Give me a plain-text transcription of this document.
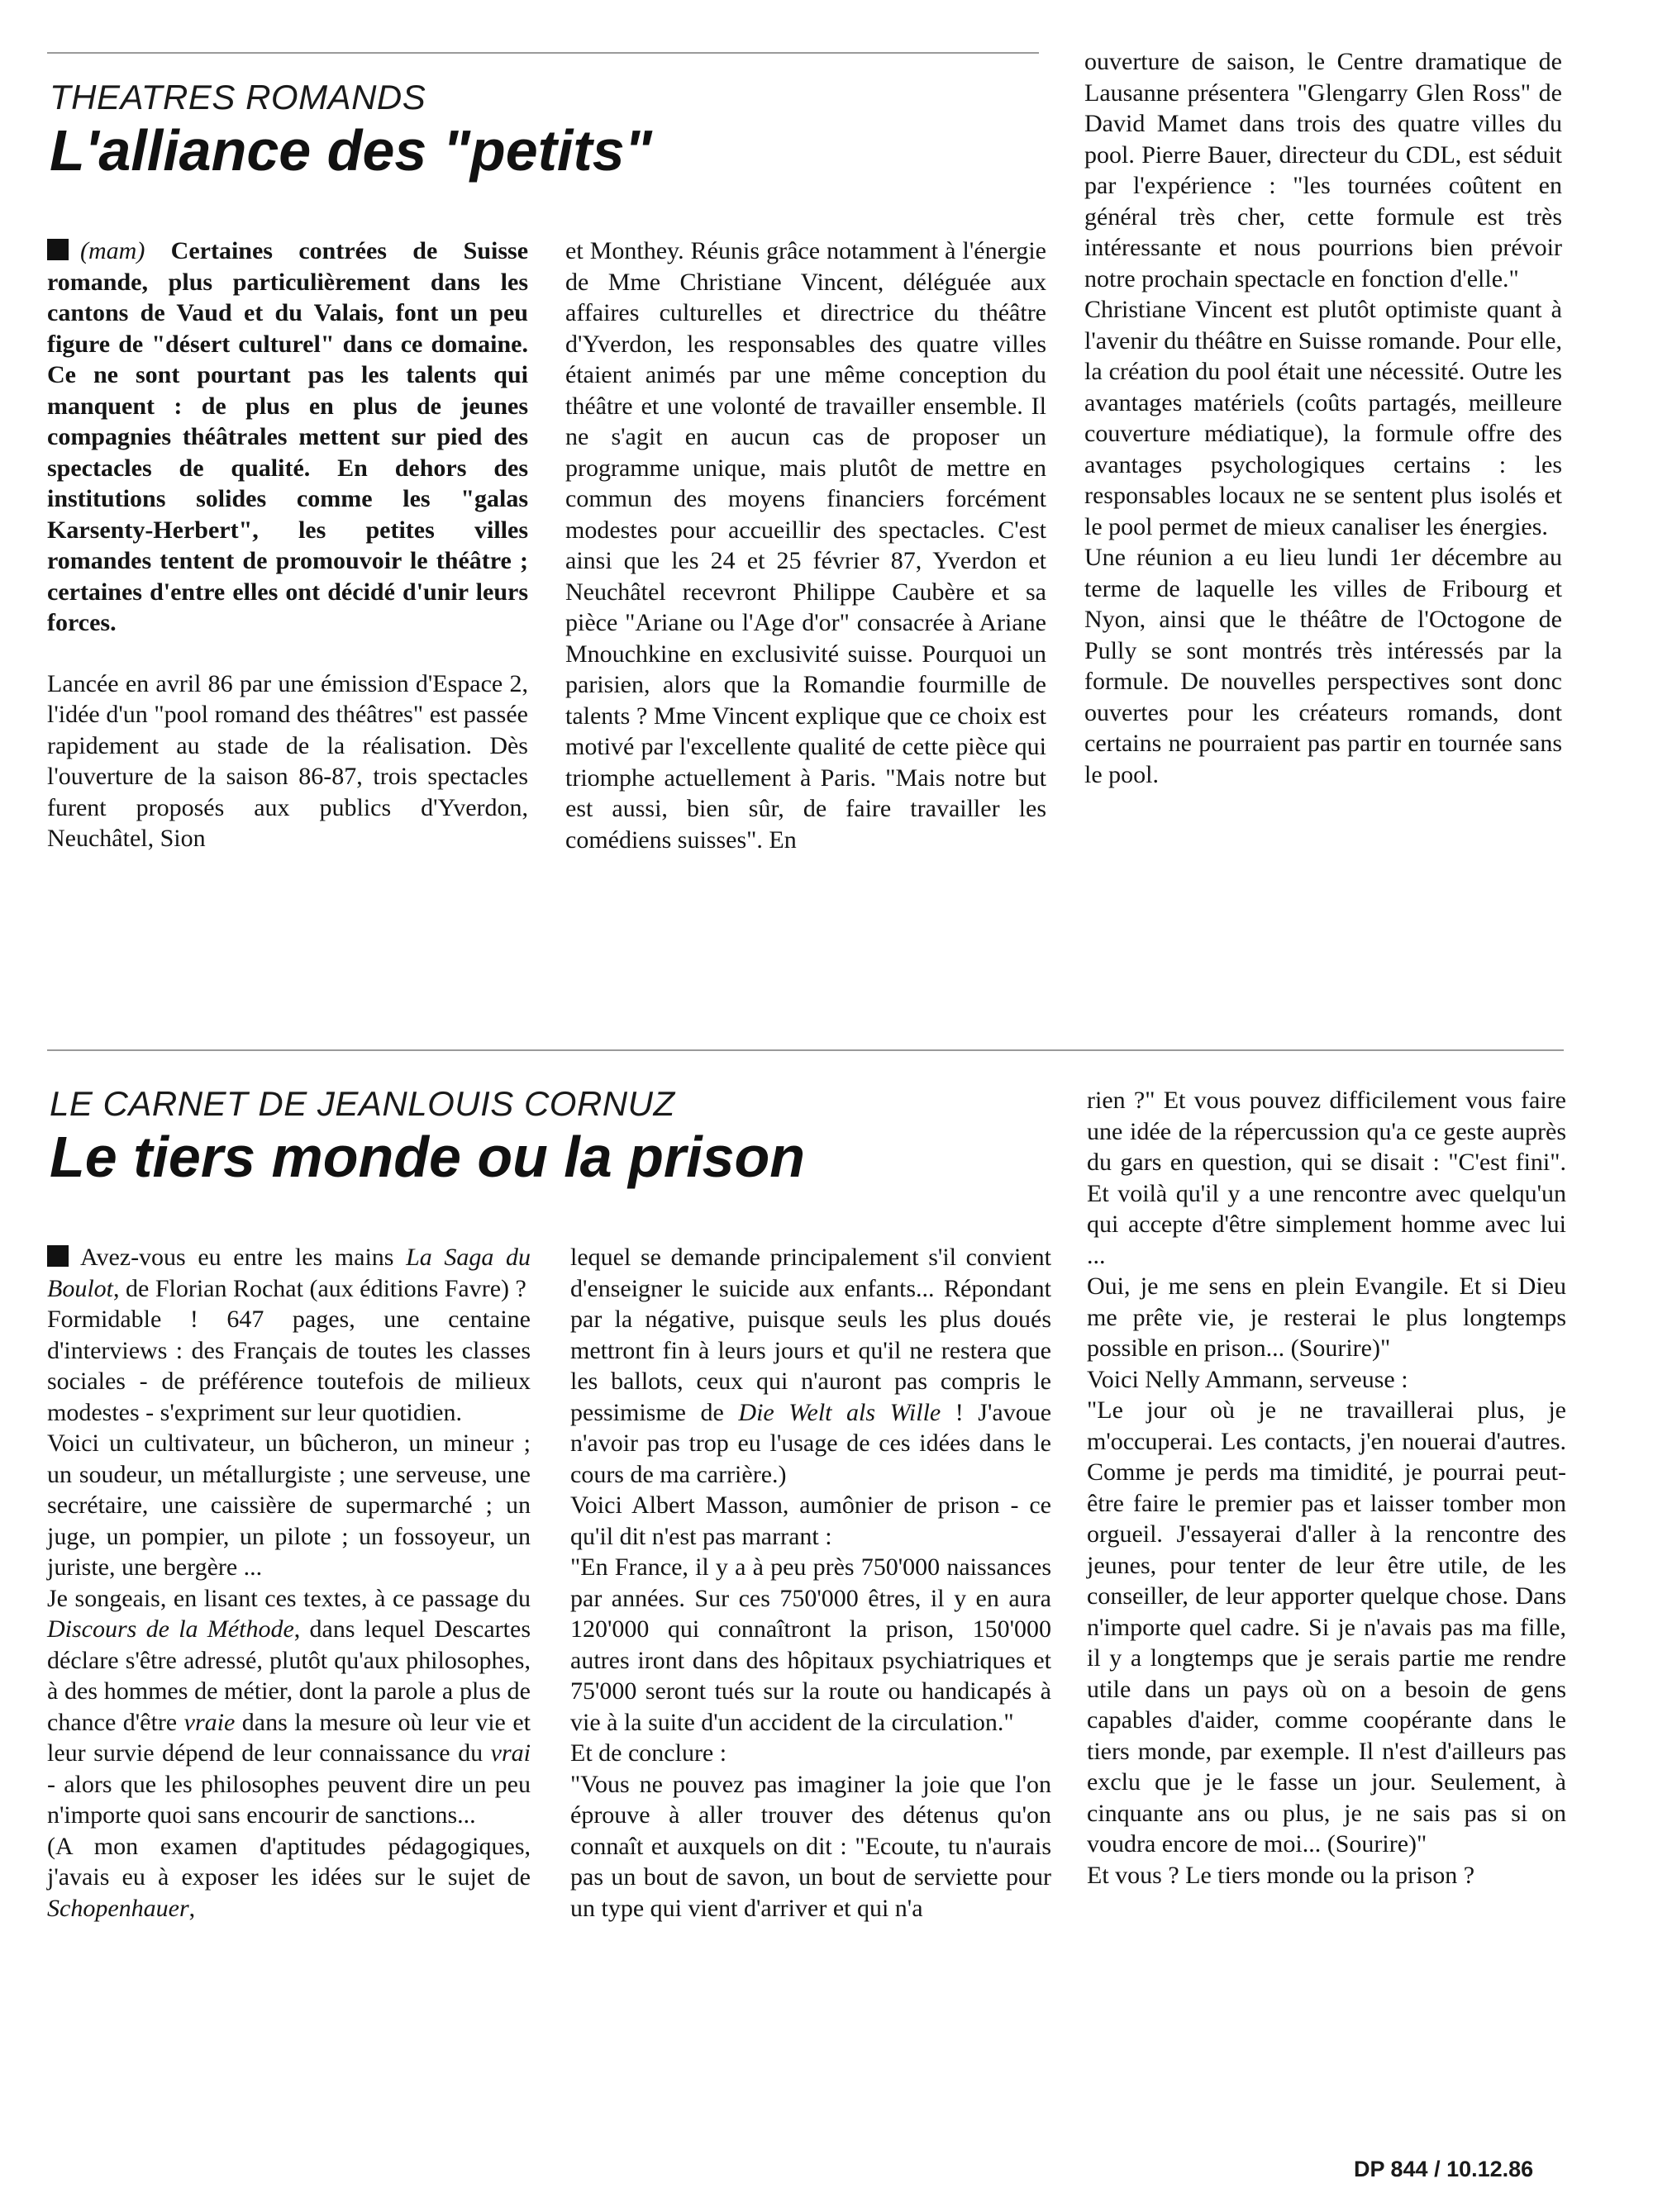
THEATRES ROMANDS
L'alliance des "petits"

(mam) Certaines contrées de Suisse romande, plus particulièrement dans les cantons de Vaud et du Valais, font un peu figure de "désert culturel" dans ce domaine. Ce ne sont pourtant pas les talents qui manquent : de plus en plus de jeunes compagnies théâtrales mettent sur pied des spectacles de qualité. En dehors des institutions solides comme les "galas Karsenty-Herbert", les petites villes romandes tentent de promouvoir le théâtre ; certaines d'entre elles ont décidé d'unir leurs forces.

Lancée en avril 86 par une émission d'Espace 2, l'idée d'un "pool romand des théâtres" est passée rapidement au stade de la réalisation. Dès l'ouverture de la saison 86-87, trois spectacles furent proposés aux publics d'Yverdon, Neuchâtel, Sion

et Monthey. Réunis grâce notamment à l'énergie de Mme Christiane Vincent, déléguée aux affaires culturelles et directrice du théâtre d'Yverdon, les responsables des quatre villes étaient animés par une même conception du théâtre et une volonté de travailler ensemble. Il ne s'agit en aucun cas de proposer un programme unique, mais plutôt de mettre en commun des moyens financiers forcément modestes pour accueillir des spectacles. C'est ainsi que les 24 et 25 février 87, Yverdon et Neuchâtel recevront Philippe Caubère et sa pièce "Ariane ou l'Age d'or" consacrée à Ariane Mnouchkine en exclusivité suisse. Pourquoi un parisien, alors que la Romandie fourmille de talents ? Mme Vincent explique que ce choix est motivé par l'excellente qualité de cette pièce qui triomphe actuellement à Paris. "Mais notre but est aussi, bien sûr, de faire travailler les comédiens suisses". En

ouverture de saison, le Centre dramatique de Lausanne présentera "Glengarry Glen Ross" de David Mamet dans trois des quatre villes du pool. Pierre Bauer, directeur du CDL, est séduit par l'expérience : "les tournées coûtent en général très cher, cette formule est très intéressante et nous pourrions bien prévoir notre prochain spectacle en fonction d'elle."

Christiane Vincent est plutôt optimiste quant à l'avenir du théâtre en Suisse romande. Pour elle, la création du pool était une nécessité. Outre les avantages matériels (coûts partagés, meilleure couverture médiatique), la formule offre des avantages psychologiques certains : les responsables locaux ne se sentent plus isolés et le pool permet de mieux canaliser les énergies.

Une réunion a eu lieu lundi 1er décembre au terme de laquelle les villes de Fribourg et Nyon, ainsi que le théâtre de l'Octogone de Pully se sont montrés très intéressés par la formule. De nouvelles perspectives sont donc ouvertes pour les créateurs romands, dont certains ne pourraient pas partir en tournée sans le pool.

LE CARNET DE JEANLOUIS CORNUZ
Le tiers monde ou la prison

Avez-vous eu entre les mains La Saga du Boulot, de Florian Rochat (aux éditions Favre) ?

Formidable ! 647 pages, une centaine d'interviews : des Français de toutes les classes sociales - de préférence toutefois de milieux modestes - s'expriment sur leur quotidien.

Voici un cultivateur, un bûcheron, un mineur ; un soudeur, un métallurgiste ; une serveuse, une secrétaire, une caissière de supermarché ; un juge, un pompier, un pilote ; un fossoyeur, un juriste, une bergère ...

Je songeais, en lisant ces textes, à ce passage du Discours de la Méthode, dans lequel Descartes déclare s'être adressé, plutôt qu'aux philosophes, à des hommes de métier, dont la parole a plus de chance d'être vraie dans la mesure où leur vie et leur survie dépend de leur connaissance du vrai - alors que les philosophes peuvent dire un peu n'importe quoi sans encourir de sanctions...

(A mon examen d'aptitudes pédagogiques, j'avais eu à exposer les idées sur le sujet de Schopenhauer,

lequel se demande principalement s'il convient d'enseigner le suicide aux enfants... Répondant par la négative, puisque seuls les plus doués mettront fin à leurs jours et qu'il ne restera que les ballots, ceux qui n'auront pas compris le pessimisme de Die Welt als Wille ! J'avoue n'avoir pas trop eu l'usage de ces idées dans le cours de ma carrière.)

Voici Albert Masson, aumônier de prison - ce qu'il dit n'est pas marrant :

"En France, il y a à peu près 750'000 naissances par années. Sur ces 750'000 êtres, il y en aura 120'000 qui connaîtront la prison, 150'000 autres iront dans des hôpitaux psychiatriques et 75'000 seront tués sur la route ou handicapés à vie à la suite d'un accident de la circulation."

Et de conclure :

"Vous ne pouvez pas imaginer la joie que l'on éprouve à aller trouver des détenus qu'on connaît et auxquels on dit : "Ecoute, tu n'aurais pas un bout de savon, un bout de serviette pour un type qui vient d'arriver et qui n'a

rien ?" Et vous pouvez difficilement vous faire une idée de la répercussion qu'a ce geste auprès du gars en question, qui se disait : "C'est fini". Et voilà qu'il y a une rencontre avec quelqu'un qui accepte d'être simplement homme avec lui ...

Oui, je me sens en plein Evangile. Et si Dieu me prête vie, je resterai le plus longtemps possible en prison... (Sourire)"

Voici Nelly Ammann, serveuse :

"Le jour où je ne travaillerai plus, je m'occuperai. Les contacts, j'en nouerai d'autres. Comme je perds ma timidité, je pourrai peut-être faire le premier pas et laisser tomber mon orgueil. J'essayerai d'aller à la rencontre des jeunes, pour tenter de leur être utile, de les conseiller, de leur apporter quelque chose. Dans n'importe quel cadre. Si je n'avais pas ma fille, il y a longtemps que je serais partie me rendre utile dans un pays où on a besoin de gens capables d'aider, comme coopérante dans le tiers monde, par exemple. Il n'est d'ailleurs pas exclu que je le fasse un jour. Seulement, à cinquante ans ou plus, je ne sais pas si on voudra encore de moi... (Sourire)"

Et vous ? Le tiers monde ou la prison ?

DP 844 / 10.12.86
